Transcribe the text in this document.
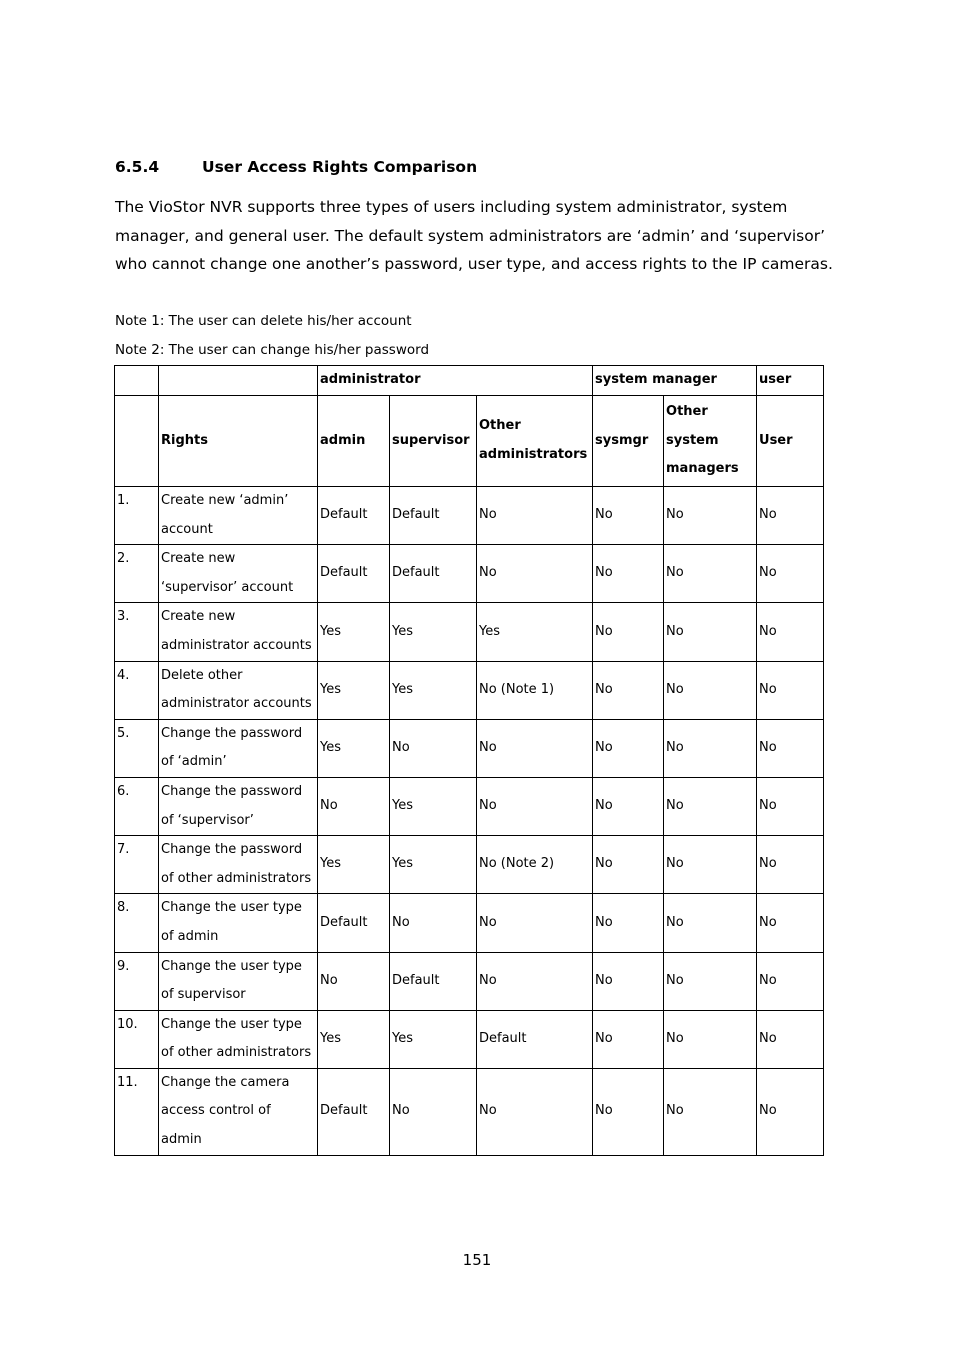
6.5.4	User Access Rights Comparison

The VioStor NVR supports three types of users including system administrator, system manager, and general user. The default system administrators are ‘admin’ and ‘supervisor’ who cannot change one another’s password, user type, and access rights to the IP cameras.

Note 1: The user can delete his/her account
Note 2: The user can change his/her password
		administrator			system manager		user
	Rights	admin	supervisor	Other administrators	sysmgr	Other system managers	User
1.	Create new ‘admin’ account	Default	Default	No	No	No	No
2.	Create new ‘supervisor’ account	Default	Default	No	No	No	No
3.	Create new administrator accounts	Yes	Yes	Yes	No	No	No
4.	Delete other administrator accounts	Yes	Yes	No (Note 1)	No	No	No
5.	Change the password of ‘admin’	Yes	No	No	No	No	No
6.	Change the password of ‘supervisor’	No	Yes	No	No	No	No
7.	Change the password of other administrators	Yes	Yes	No (Note 2)	No	No	No
8.	Change the user type of admin	Default	No	No	No	No	No
9.	Change the user type of supervisor	No	Default	No	No	No	No
10.	Change the user type of other administrators	Yes	Yes	Default	No	No	No
11.	Change the camera access control of admin	Default	No	No	No	No	No
151
